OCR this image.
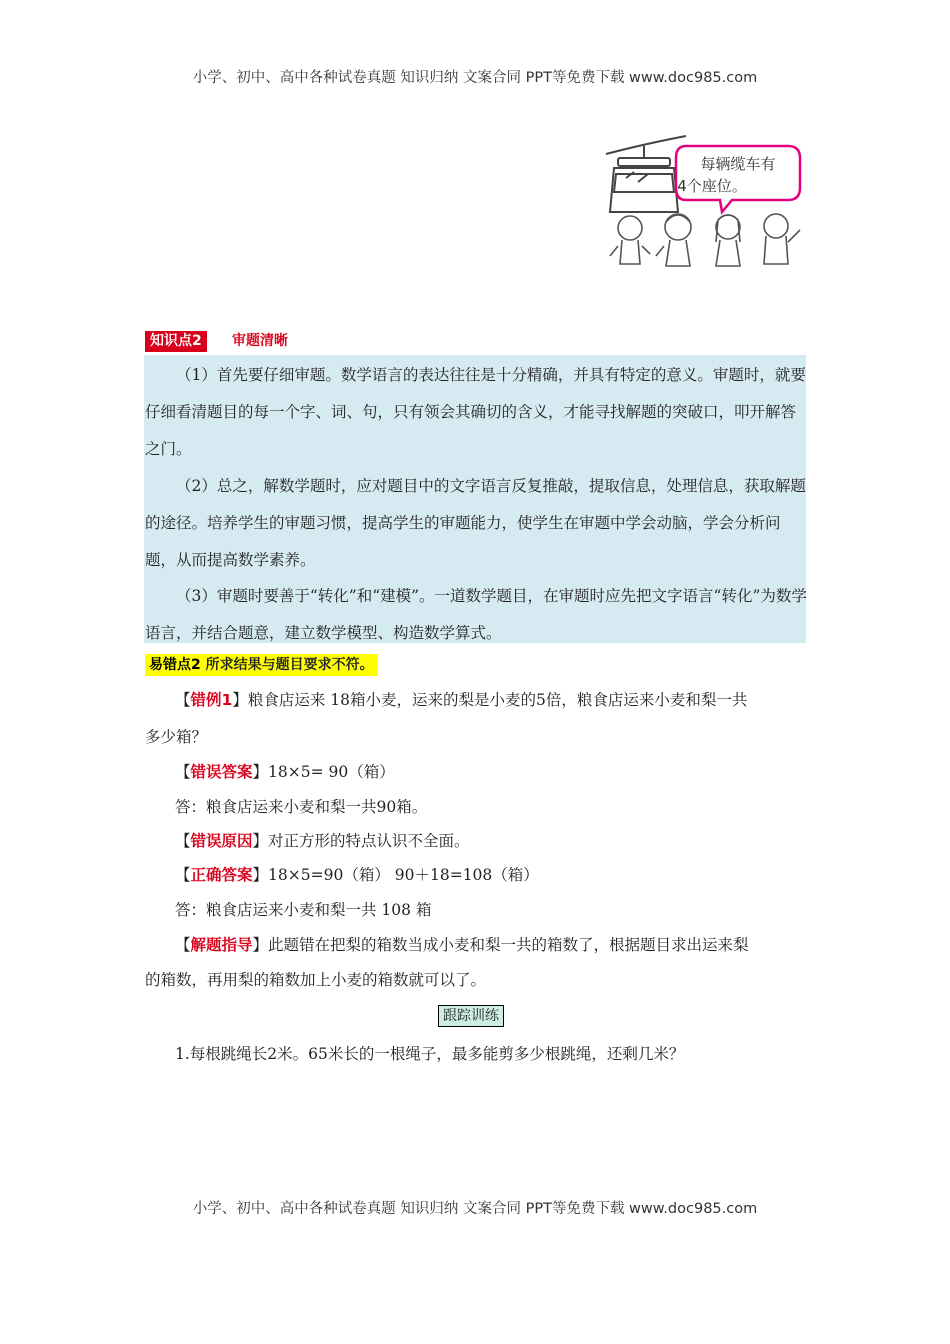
小学、初中、高中各种试卷真题 知识归纳 文案合同 PPT等免费下载 www.doc985.com
每辆缆车有
4个座位。
知识点2	审题清晰

（1）首先要仔细审题。数学语言的表达往往是十分精确，并具有特定的意义。审题时，就要仔细看清题目的每一个字、词、句，只有领会其确切的含义，才能寻找解题的突破口，叩开解答之门。

（2）总之，解数学题时，应对题目中的文字语言反复推敲，提取信息，处理信息，获取解题的途径。培养学生的审题习惯，提高学生的审题能力，使学生在审题中学会动脑，学会分析问题，从而提高数学素养。

（3）审题时要善于“转化”和“建模”。一道数学题目，在审题时应先把文字语言“转化”为数学语言，并结合题意，建立数学模型、构造数学算式。

易错点2 所求结果与题目要求不符。

【错例1】粮食店运来 18箱小麦，运来的梨是小麦的5倍，粮食店运来小麦和梨一共

多少箱？

【错误答案】18×5= 90（箱）

答：粮食店运来小麦和梨一共90箱。

【错误原因】对正方形的特点认识不全面。

【正确答案】18×5=90（箱） 90＋18=108（箱）

答：粮食店运来小麦和梨一共 108 箱

【解题指导】此题错在把梨的箱数当成小麦和梨一共的箱数了，根据题目求出运来梨

的箱数，再用梨的箱数加上小麦的箱数就可以了。

跟踪训练

1.每根跳绳长2米。65米长的一根绳子，最多能剪多少根跳绳，还剩几米？

小学、初中、高中各种试卷真题 知识归纳 文案合同 PPT等免费下载 www.doc985.com
